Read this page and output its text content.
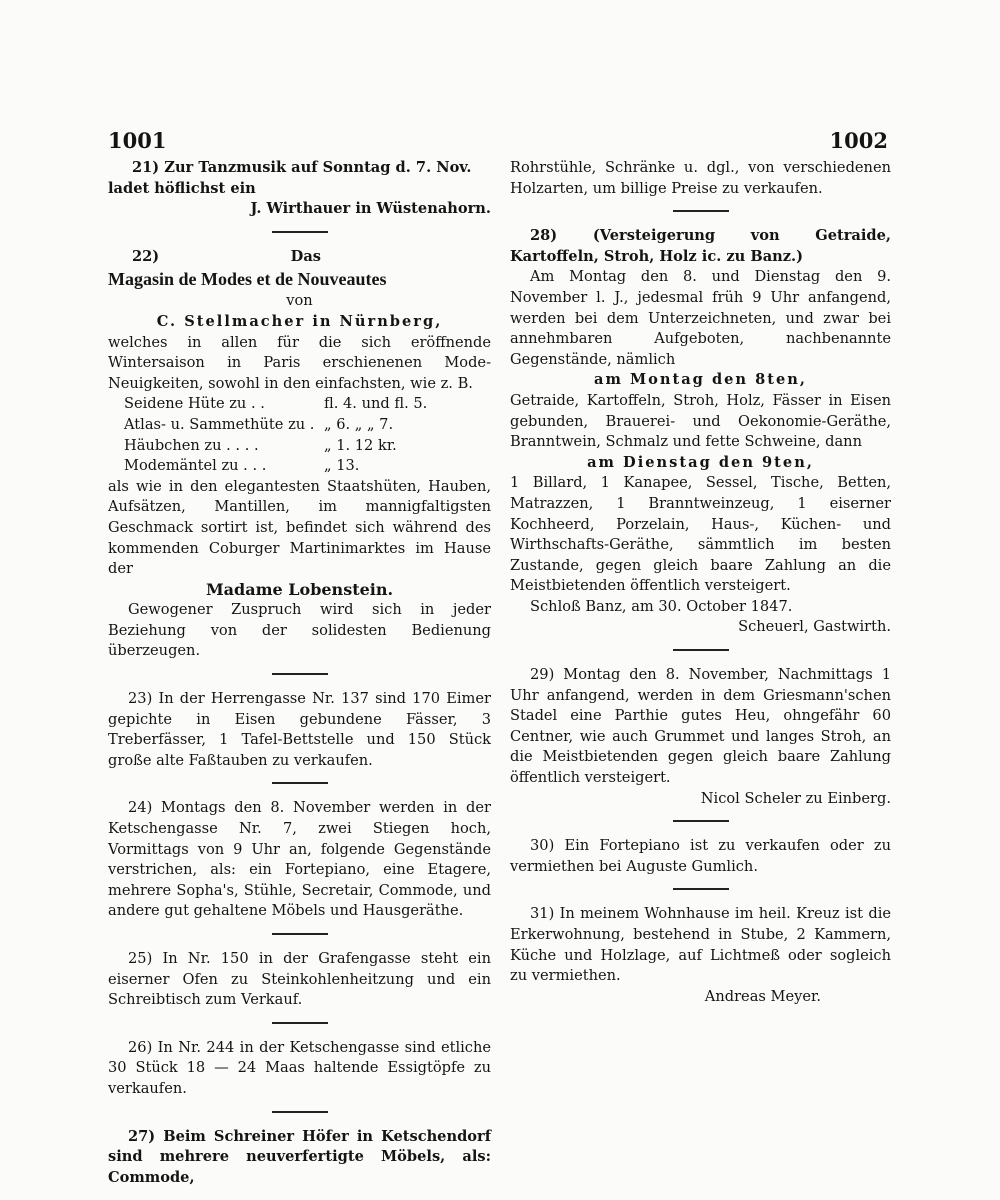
1001	1002

21) Zur Tanzmusik auf Sonntag d. 7. Nov.

ladet höflichst ein

J. Wirthauer in Wüstenahorn.

22)	Das

Magasin de Modes et de Nouveautes

von

C. Stellmacher in Nürnberg,

welches in allen für die sich eröffnende Wintersaison in Paris erschienenen Mode-Neuigkeiten, sowohl in den einfachsten, wie z. B.

Seidene Hüte zu . .	fl. 4. und fl. 5.
Atlas- u. Sammethüte zu . „ 6. „ „ 7.
Häubchen zu . . . .	„ 1. 12 kr.
Modemäntel zu . . .	„ 13.

als wie in den elegantesten Staatshüten, Hauben, Aufsätzen, Mantillen, im mannigfaltigsten Geschmack sortirt ist, befindet sich während des kommenden Coburger Martinimarktes im Hause der

Madame Lobenstein.

Gewogener Zuspruch wird sich in jeder Beziehung von der solidesten Bedienung überzeugen.

23) In der Herrengasse Nr. 137 sind 170 Eimer gepichte in Eisen gebundene Fässer, 3 Treberfässer, 1 Tafel-Bettstelle und 150 Stück große alte Faßtauben zu verkaufen.

24) Montags den 8. November werden in der Ketschengasse Nr. 7, zwei Stiegen hoch, Vormittags von 9 Uhr an, folgende Gegenstände verstrichen, als: ein Fortepiano, eine Etagere, mehrere Sopha's, Stühle, Secretair, Commode, und andere gut gehaltene Möbels und Hausgeräthe.

25) In Nr. 150 in der Grafengasse steht ein eiserner Ofen zu Steinkohlenheitzung und ein Schreibtisch zum Verkauf.

26) In Nr. 244 in der Ketschengasse sind etliche 30 Stück 18 — 24 Maas haltende Essigtöpfe zu verkaufen.

27) Beim Schreiner Höfer in Ketschendorf sind mehrere neuverfertigte Möbels, als: Commode,

Rohrstühle, Schränke u. dgl., von verschiedenen Holzarten, um billige Preise zu verkaufen.

28) (Versteigerung von Getraide, Kartoffeln, Stroh, Holz ic. zu Banz.)

Am Montag den 8. und Dienstag den 9. November l. J., jedesmal früh 9 Uhr anfangend, werden bei dem Unterzeichneten, und zwar bei annehmbaren Aufgeboten, nachbenannte Gegenstände, nämlich

am Montag den 8ten,

Getraide, Kartoffeln, Stroh, Holz, Fässer in Eisen gebunden, Brauerei- und Oekonomie-Geräthe, Branntwein, Schmalz und fette Schweine, dann

am Dienstag den 9ten,

1 Billard, 1 Kanapee, Sessel, Tische, Betten, Matrazzen, 1 Branntweinzeug, 1 eiserner Kochheerd, Porzelain, Haus-, Küchen- und Wirthschafts-Geräthe, sämmtlich im besten Zustande, gegen gleich baare Zahlung an die Meistbietenden öffentlich versteigert.

Schloß Banz, am 30. October 1847.

Scheuerl, Gastwirth.

29) Montag den 8. November, Nachmittags 1 Uhr anfangend, werden in dem Griesmann'schen Stadel eine Parthie gutes Heu, ohngefähr 60 Centner, wie auch Grummet und langes Stroh, an die Meistbietenden gegen gleich baare Zahlung öffentlich versteigert.

Nicol Scheler zu Einberg.

30) Ein Fortepiano ist zu verkaufen oder zu vermiethen bei Auguste Gumlich.

31) In meinem Wohnhause im heil. Kreuz ist die Erkerwohnung, bestehend in Stube, 2 Kammern, Küche und Holzlage, auf Lichtmeß oder sogleich zu vermiethen.

Andreas Meyer.
